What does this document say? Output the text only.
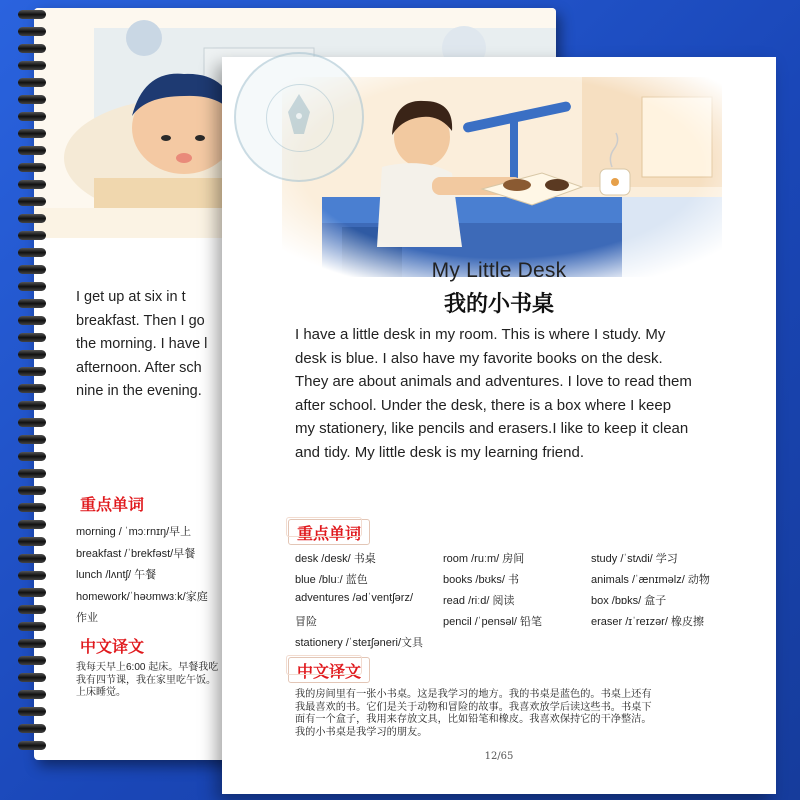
I get up at six in t
breakfast. Then I go
the morning. I have l
afternoon. After sch
nine in the evening.
重点单词
morning / ˈmɔːrnɪŋ/早上
breakfast /ˈbrekfəst/早餐
lunch /lʌntʃ/ 午餐
homework/ˈhəʊmwɜːk/家庭
作业
中文译文
我每天早上6:00 起床。早餐我吃
我有四节课，我在家里吃午饭。
上床睡觉。
My Little Desk
我的小书桌
I have a little desk in my room. This is where I study. My
desk is blue. I also have my favorite books on the desk.
They are about animals and adventures. I love to read them
after school. Under the desk, there is a box where I keep
my stationery, like pencils and erasers.I like to keep it clean
and tidy. My little desk is my learning friend.
重点单词
desk /desk/ 书桌	room /ruːm/ 房间	study /ˈstʌdi/ 学习
blue /bluː/ 蓝色	books /bʊks/ 书	animals /ˈænɪməlz/ 动物
adventures /ədˈventʃərz/	read /riːd/ 阅读	box /bɒks/ 盒子
冒险	pencil /ˈpensəl/ 铅笔	eraser /ɪˈreɪzər/ 橡皮擦
stationery /ˈsteɪʃəneri/文具
中文译文
我的房间里有一张小书桌。这是我学习的地方。我的书桌是蓝色的。书桌上还有
我最喜欢的书。它们是关于动物和冒险的故事。我喜欢放学后读这些书。书桌下
面有一个盒子，我用来存放文具，比如铅笔和橡皮。我喜欢保持它的干净整洁。
我的小书桌是我学习的朋友。
12/65
